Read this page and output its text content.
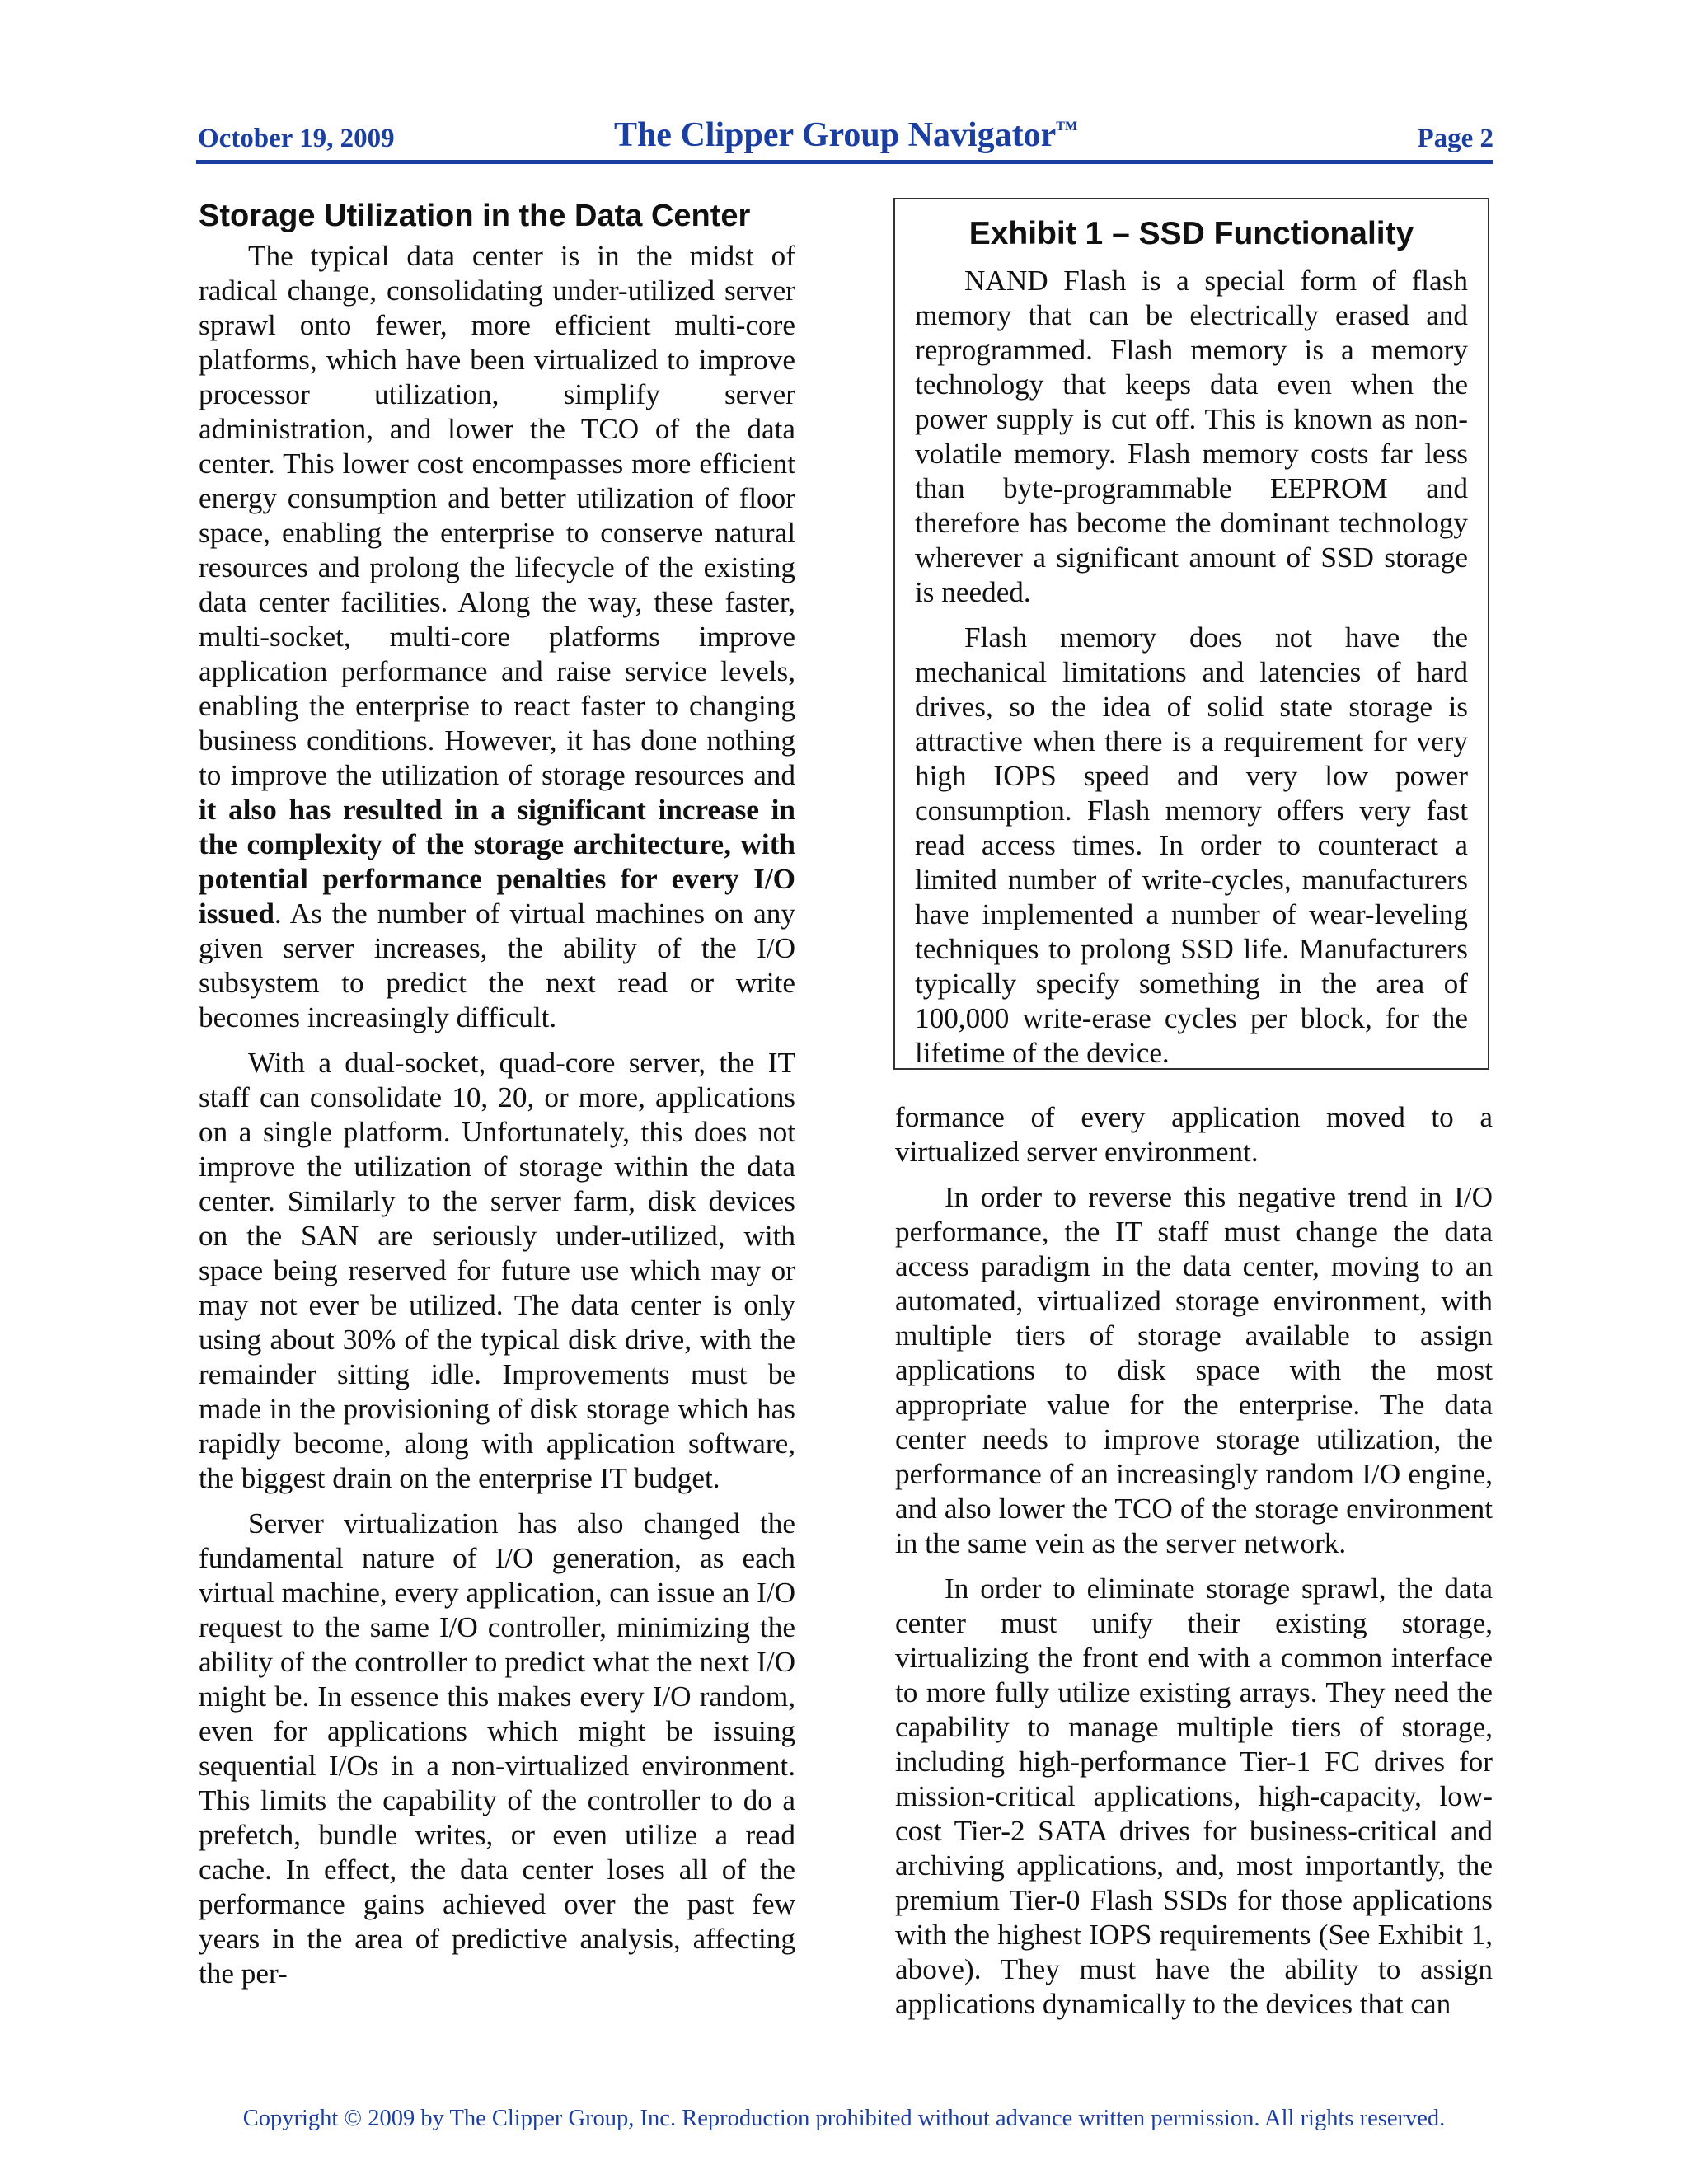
October 19, 2009	The Clipper Group Navigator™	Page 2
Storage Utilization in the Data Center

The typical data center is in the midst of radical change, consolidating under-utilized server sprawl onto fewer, more efficient multi-core platforms, which have been virtualized to improve processor utilization, simplify server administration, and lower the TCO of the data center. This lower cost encompasses more efficient energy consumption and better utilization of floor space, enabling the enterprise to conserve natural resources and prolong the lifecycle of the existing data center facilities. Along the way, these faster, multi-socket, multi-core platforms improve application performance and raise service levels, enabling the enterprise to react faster to changing business conditions. However, it has done nothing to improve the utilization of storage resources and it also has resulted in a significant increase in the complexity of the storage architecture, with potential performance penalties for every I/O issued. As the number of virtual machines on any given server increases, the ability of the I/O subsystem to predict the next read or write becomes increasingly difficult.

With a dual-socket, quad-core server, the IT staff can consolidate 10, 20, or more, applications on a single platform. Unfortunately, this does not improve the utilization of storage within the data center. Similarly to the server farm, disk devices on the SAN are seriously under-utilized, with space being reserved for future use which may or may not ever be utilized. The data center is only using about 30% of the typical disk drive, with the remainder sitting idle. Improvements must be made in the provisioning of disk storage which has rapidly become, along with application software, the biggest drain on the enterprise IT budget.

Server virtualization has also changed the fundamental nature of I/O generation, as each virtual machine, every application, can issue an I/O request to the same I/O controller, minimizing the ability of the controller to predict what the next I/O might be. In essence this makes every I/O random, even for applications which might be issuing sequential I/Os in a non-virtualized environment. This limits the capability of the controller to do a prefetch, bundle writes, or even utilize a read cache. In effect, the data center loses all of the performance gains achieved over the past few years in the area of predictive analysis, affecting the per-

Exhibit 1 – SSD Functionality

NAND Flash is a special form of flash memory that can be electrically erased and reprogrammed. Flash memory is a memory technology that keeps data even when the power supply is cut off. This is known as non-volatile memory. Flash memory costs far less than byte-programmable EEPROM and therefore has become the dominant technology wherever a significant amount of SSD storage is needed.

Flash memory does not have the mechanical limitations and latencies of hard drives, so the idea of solid state storage is attractive when there is a requirement for very high IOPS speed and very low power consumption. Flash memory offers very fast read access times. In order to counteract a limited number of write-cycles, manufacturers have implemented a number of wear-leveling techniques to prolong SSD life. Manufacturers typically specify something in the area of 100,000 write-erase cycles per block, for the lifetime of the device.

formance of every application moved to a virtualized server environment.

In order to reverse this negative trend in I/O performance, the IT staff must change the data access paradigm in the data center, moving to an automated, virtualized storage environment, with multiple tiers of storage available to assign applications to disk space with the most appropriate value for the enterprise. The data center needs to improve storage utilization, the performance of an increasingly random I/O engine, and also lower the TCO of the storage environment in the same vein as the server network.

In order to eliminate storage sprawl, the data center must unify their existing storage, virtualizing the front end with a common interface to more fully utilize existing arrays. They need the capability to manage multiple tiers of storage, including high-performance Tier-1 FC drives for mission-critical applications, high-capacity, low-cost Tier-2 SATA drives for business-critical and archiving applications, and, most importantly, the premium Tier-0 Flash SSDs for those applications with the highest IOPS requirements (See Exhibit 1, above). They must have the ability to assign applications dynamically to the devices that can

Copyright © 2009 by The Clipper Group, Inc. Reproduction prohibited without advance written permission. All rights reserved.
